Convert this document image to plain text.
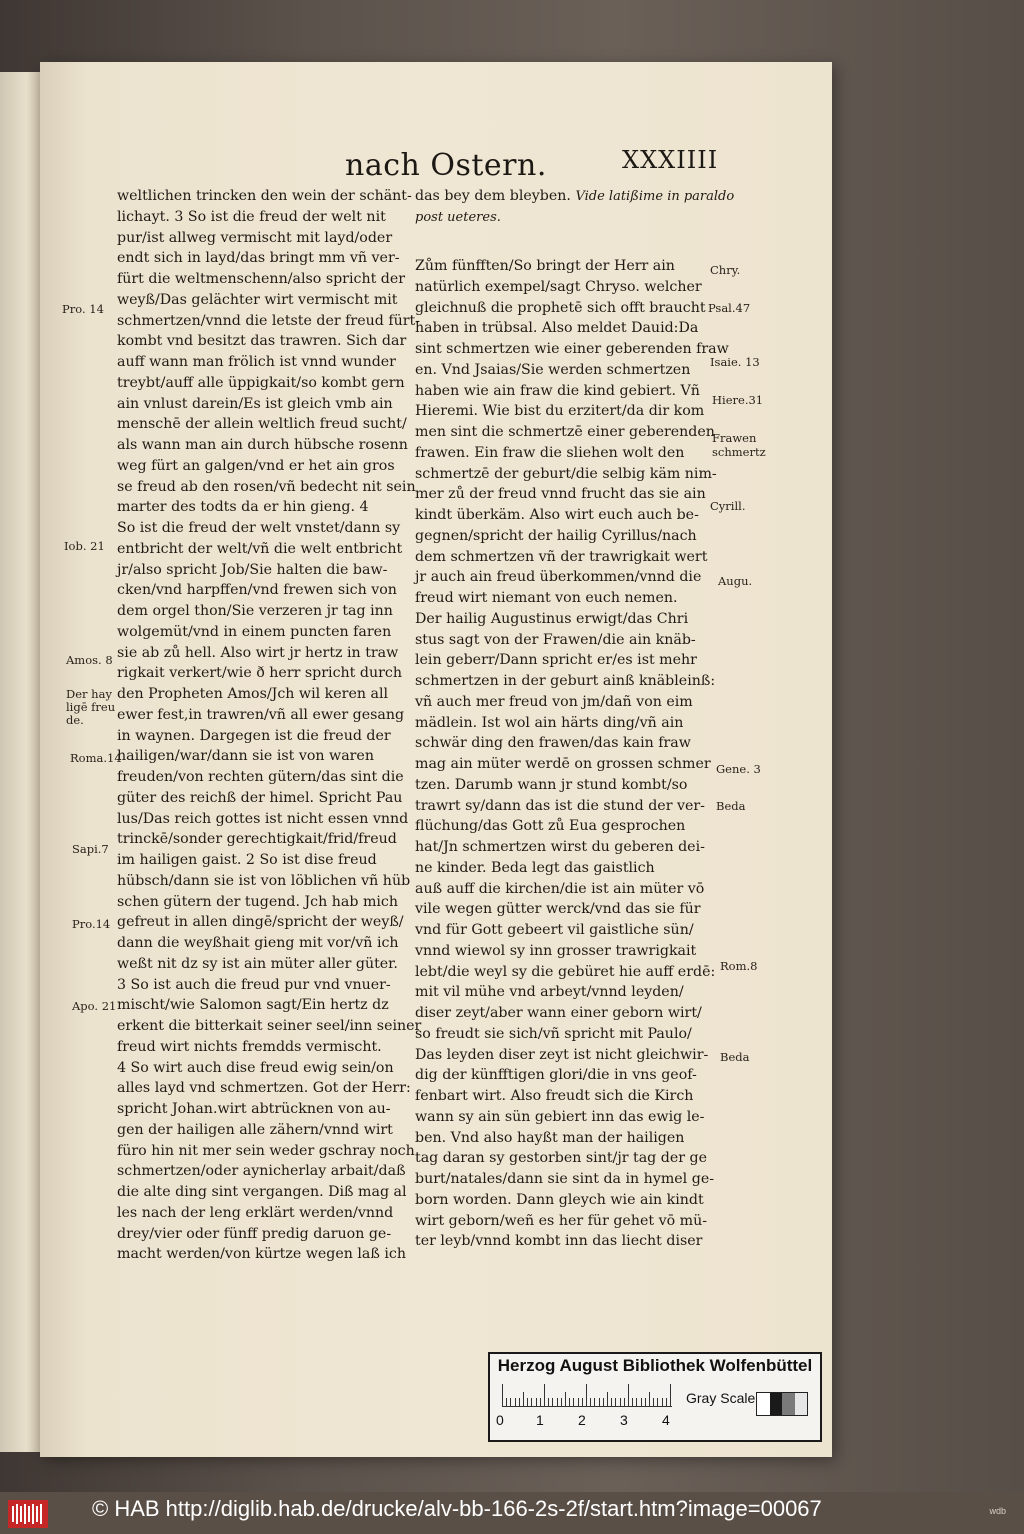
nach Ostern.	XXXIIII
weltlichen trincken den wein der schänt-
lichayt. 3 So ist die freud der welt nit
pur/ist allweg vermischt mit layd/oder
endt sich in layd/das bringt mm vñ ver-
fürt die weltmenschenn/also spricht der
weyß/Das gelächter wirt vermischt mit
schmertzen/vnnd die letste der freud fürt-
kombt vnd besitzt das trawren. Sich dar
auff wann man frölich ist vnnd wunder
treybt/auff alle üppigkait/so kombt gern
ain vnlust darein/Es ist gleich vmb ain
menschē der allein weltlich freud sucht/
als wann man ain durch hübsche rosenn
weg fürt an galgen/vnd er het ain gros
se freud ab den rosen/vñ bedecht nit sein
marter des todts da er hin gieng. 4
So ist die freud der welt vnstet/dann sy
entbricht der welt/vñ die welt entbricht
jr/also spricht Job/Sie halten die baw-
cken/vnd harpffen/vnd frewen sich von
dem orgel thon/Sie verzeren jr tag inn
wolgemüt/vnd in einem puncten faren
sie ab zů hell. Also wirt jr hertz in traw
rigkait verkert/wie ð herr spricht durch
den Propheten Amos/Jch wil keren all
ewer fest,in trawren/vñ all ewer gesang
in waynen. Dargegen ist die freud der
hailigen/war/dann sie ist von waren
freuden/von rechten gütern/das sint die
güter des reichß der himel. Spricht Pau
lus/Das reich gottes ist nicht essen vnnd
trinckē/sonder gerechtigkait/frid/freud
im hailigen gaist. 2 So ist dise freud
hübsch/dann sie ist von löblichen vñ hüb
schen gütern der tugend. Jch hab mich
gefreut in allen dingē/spricht der weyß/
dann die weyßhait gieng mit vor/vñ ich
weßt nit dz sy ist ain müter aller güter.
3 So ist auch die freud pur vnd vnuer-
mischt/wie Salomon sagt/Ein hertz dz
erkent die bitterkait seiner seel/inn seiner
freud wirt nichts fremdds vermischt.
4 So wirt auch dise freud ewig sein/on
alles layd vnd schmertzen. Got der Herr:
spricht Johan.wirt abtrücknen von au-
gen der hailigen alle zähern/vnnd wirt
füro hin nit mer sein weder gschray noch
schmertzen/oder aynicherlay arbait/daß
die alte ding sint vergangen. Diß mag al
les nach der leng erklärt werden/vnnd
drey/vier oder fünff predig daruon ge-
macht werden/von kürtze wegen laß ich
das bey dem bleyben. Vide latißime in paraldo
post ueteres.
Zům fünfften/So bringt der Herr ain
natürlich exempel/sagt Chryso. welcher
gleichnuß die prophetē sich offt braucht
haben in trübsal. Also meldet Dauid:Da
sint schmertzen wie einer geberenden fraw
en. Vnd Jsaias/Sie werden schmertzen
haben wie ain fraw die kind gebiert. Vñ
Hieremi. Wie bist du erzitert/da dir kom
men sint die schmertzē einer geberenden
frawen. Ein fraw die sliehen wolt den
schmertzē der geburt/die selbig käm nim-
mer zů der freud vnnd frucht das sie ain
kindt überkäm. Also wirt euch auch be-
gegnen/spricht der hailig Cyrillus/nach
dem schmertzen vñ der trawrigkait wert
jr auch ain freud überkommen/vnnd die
freud wirt niemant von euch nemen.
Der hailig Augustinus erwigt/das Chri
stus sagt von der Frawen/die ain knäb-
lein geberr/Dann spricht er/es ist mehr
schmertzen in der geburt ainß knäbleinß:
vñ auch mer freud von jm/dañ von eim
mädlein. Ist wol ain härts ding/vñ ain
schwär ding den frawen/das kain fraw
mag ain müter werdē on grossen schmer
tzen. Darumb wann jr stund kombt/so
trawrt sy/dann das ist die stund der ver-
flüchung/das Gott zů Eua gesprochen
hat/Jn schmertzen wirst du geberen dei-
ne kinder. Beda legt das gaistlich
auß auff die kirchen/die ist ain müter vō
vile wegen gütter werck/vnd das sie für
vnd für Gott gebeert vil gaistliche sün/
vnnd wiewol sy inn grosser trawrigkait
lebt/die weyl sy die gebüret hie auff erdē:
mit vil mühe vnd arbeyt/vnnd leyden/
diser zeyt/aber wann einer geborn wirt/
so freudt sie sich/vñ spricht mit Paulo/
Das leyden diser zeyt ist nicht gleichwir-
dig der künfftigen glori/die in vns geof-
fenbart wirt. Also freudt sich die Kirch
wann sy ain sün gebiert inn das ewig le-
ben. Vnd also hayßt man der hailigen
tag daran sy gestorben sint/jr tag der ge
burt/natales/dann sie sint da in hymel ge-
born worden. Dann gleych wie ain kindt
wirt geborn/weñ es her für gehet vō mü-
ter leyb/vnnd kombt inn das liecht diser
Pro. 14
Iob. 21
Amos. 8
Der hay
ligē freu
de.
Roma.14
Sapi.7
Pro.14
Apo. 21
Chry.
Psal.47
Isaie. 13
Hiere.31
Frawen
schmertz
Cyrill.
Augu.
Gene. 3
Beda
Rom.8
Beda
Herzog August Bibliothek Wolfenbüttel
0 1 2 3 4
Gray Scale
© HAB http://diglib.hab.de/drucke/alv-bb-166-2s-2f/start.htm?image=00067	wdb
